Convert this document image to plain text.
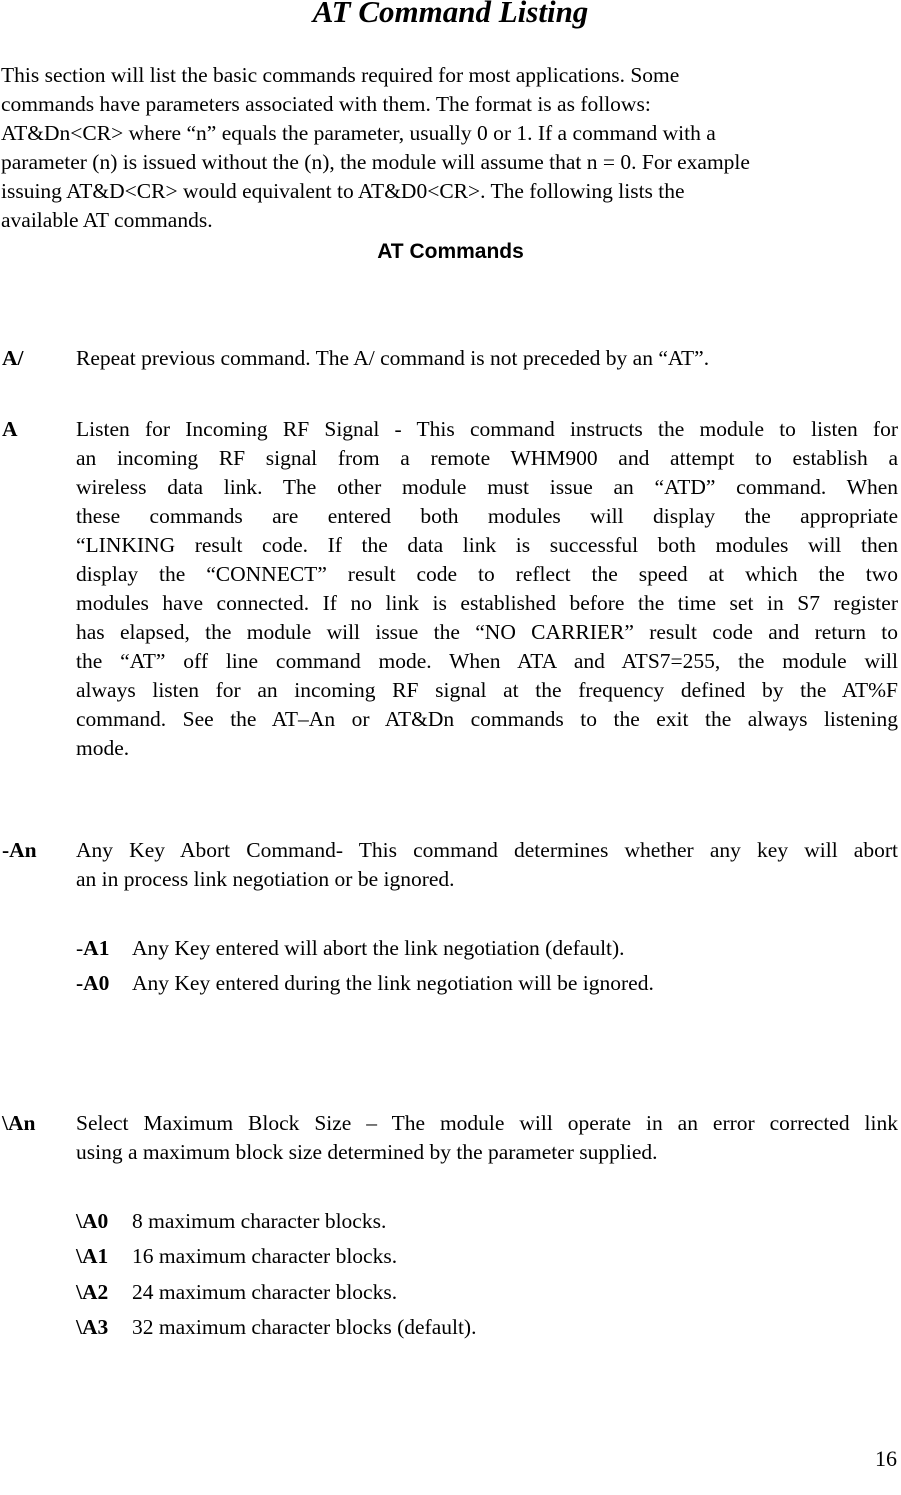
AT Command Listing

This section will list the basic commands required for most applications. Some
commands have parameters associated with them. The format is as follows:
AT&Dn<CR> where “n” equals the parameter, usually 0 or 1. If a command with a
parameter (n) is issued without the (n), the module will assume that n = 0. For example
issuing AT&D<CR> would equivalent to AT&D0<CR>. The following lists the
available AT commands.

AT Commands
A/ Repeat previous command. The A/ command is not preceded by an “AT”.

A	Listen for Incoming RF Signal - This command instructs the module to listen for
an incoming RF signal from a remote WHM900 and attempt to establish a
wireless data link. The other module must issue an “ATD” command. When
these commands are entered both modules will display the appropriate
“LINKING result code. If the data link is successful both modules will then
display the “CONNECT” result code to reflect the speed at which the two
modules have connected. If no link is established before the time set in S7 register
has elapsed, the module will issue the “NO CARRIER” result code and return to
the “AT” off line command mode. When ATA and ATS7=255, the module will
always listen for an incoming RF signal at the frequency defined by the AT%F
command. See the AT–An or AT&Dn commands to the exit the always listening
mode.

-An Any Key Abort Command- This command determines whether any key will abort
an in process link negotiation or be ignored.

-A1 Any Key entered will abort the link negotiation (default).
-A0 Any Key entered during the link negotiation will be ignored.
\An Select Maximum Block Size – The module will operate in an error corrected link
using a maximum block size determined by the parameter supplied.

\A0 8 maximum character blocks.
\A1 16 maximum character blocks.
\A2 24 maximum character blocks.
\A3 32 maximum character blocks (default).
16
